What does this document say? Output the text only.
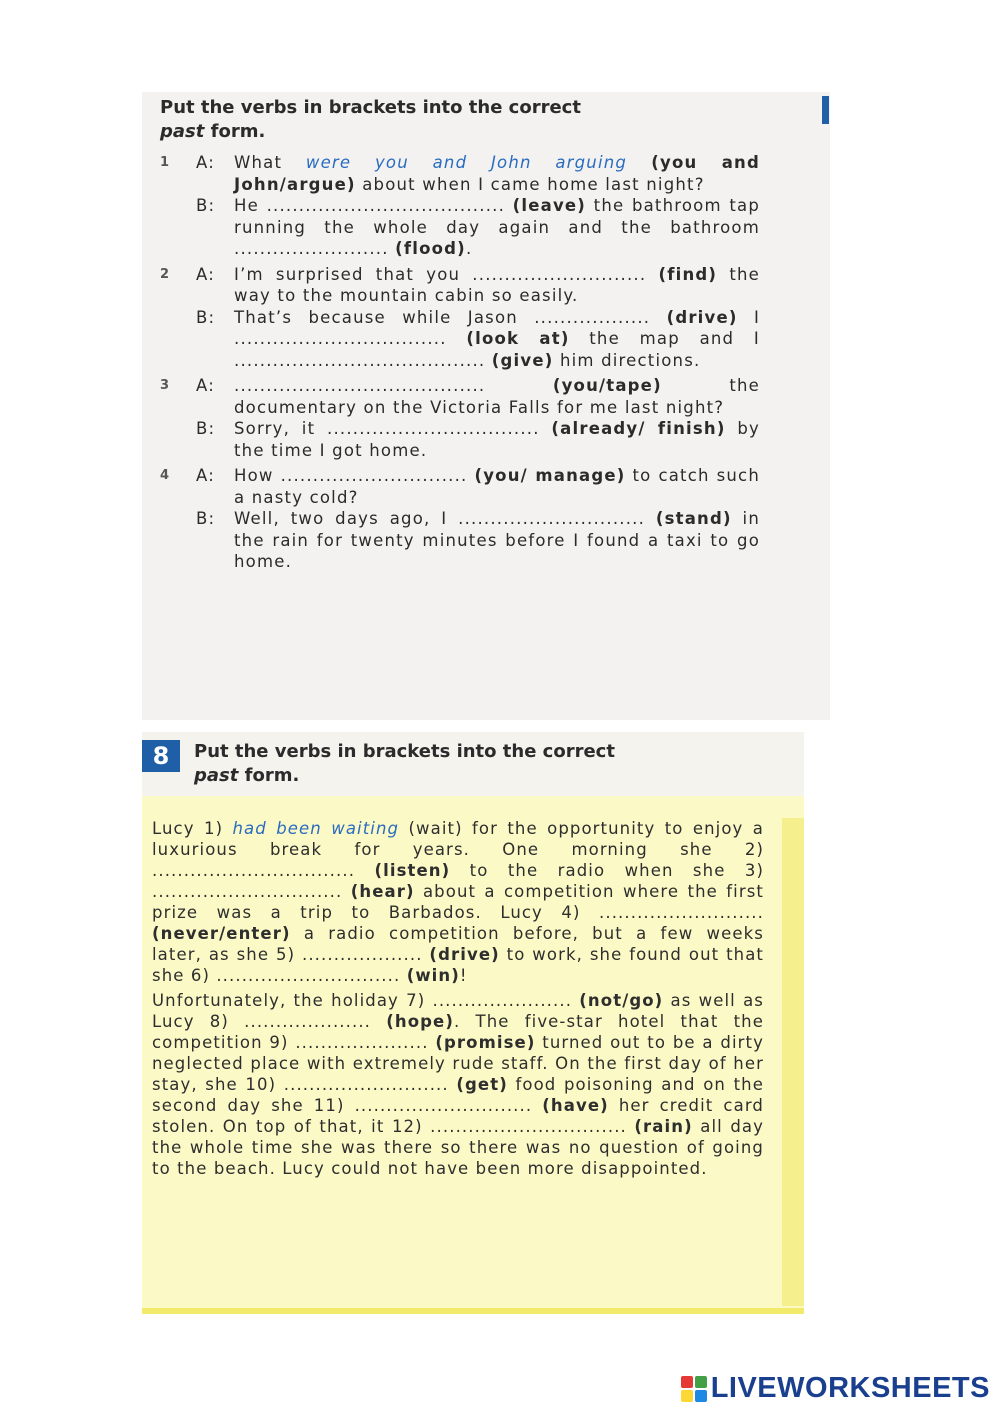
Put the verbs in brackets into the correct
past form.
1	A:	What were you and John arguing (you and John/argue) about when I came home last night?
B:	He ..................................... (leave) the bathroom tap running the whole day again and the bathroom ........................ (flood).
2	A:	I’m surprised that you ........................... (find) the way to the mountain cabin so easily.
B:	That’s because while Jason .................. (drive) I ................................. (look at) the map and I ....................................... (give) him directions.
3	A:	....................................... (you/tape) the documentary on the Victoria Falls for me last night?
B:	Sorry, it ................................. (already/ finish) by the time I got home.
4	A:	How ............................. (you/ manage) to catch such a nasty cold?
B:	Well, two days ago, I ............................. (stand) in the rain for twenty minutes before I found a taxi to go home.
8	Put the verbs in brackets into the correct
past form.

Lucy 1) had been waiting (wait) for the opportunity to enjoy a luxurious break for years. One morning she 2) ................................ (listen) to the radio when she 3) .............................. (hear) about a competition where the first prize was a trip to Barbados. Lucy 4) .......................... (never/enter) a radio competition before, but a few weeks later, as she 5) ................... (drive) to work, she found out that she 6) ............................. (win)!

Unfortunately, the holiday 7) ...................... (not/go) as well as Lucy 8) .................... (hope). The five-star hotel that the competition 9) ..................... (promise) turned out to be a dirty neglected place with extremely rude staff. On the first day of her stay, she 10) .......................... (get) food poisoning and on the second day she 11) ............................ (have) her credit card stolen. On top of that, it 12) ............................... (rain) all day the whole time she was there so there was no question of going to the beach. Lucy could not have been more disappointed.

LIVEWORKSHEETS
